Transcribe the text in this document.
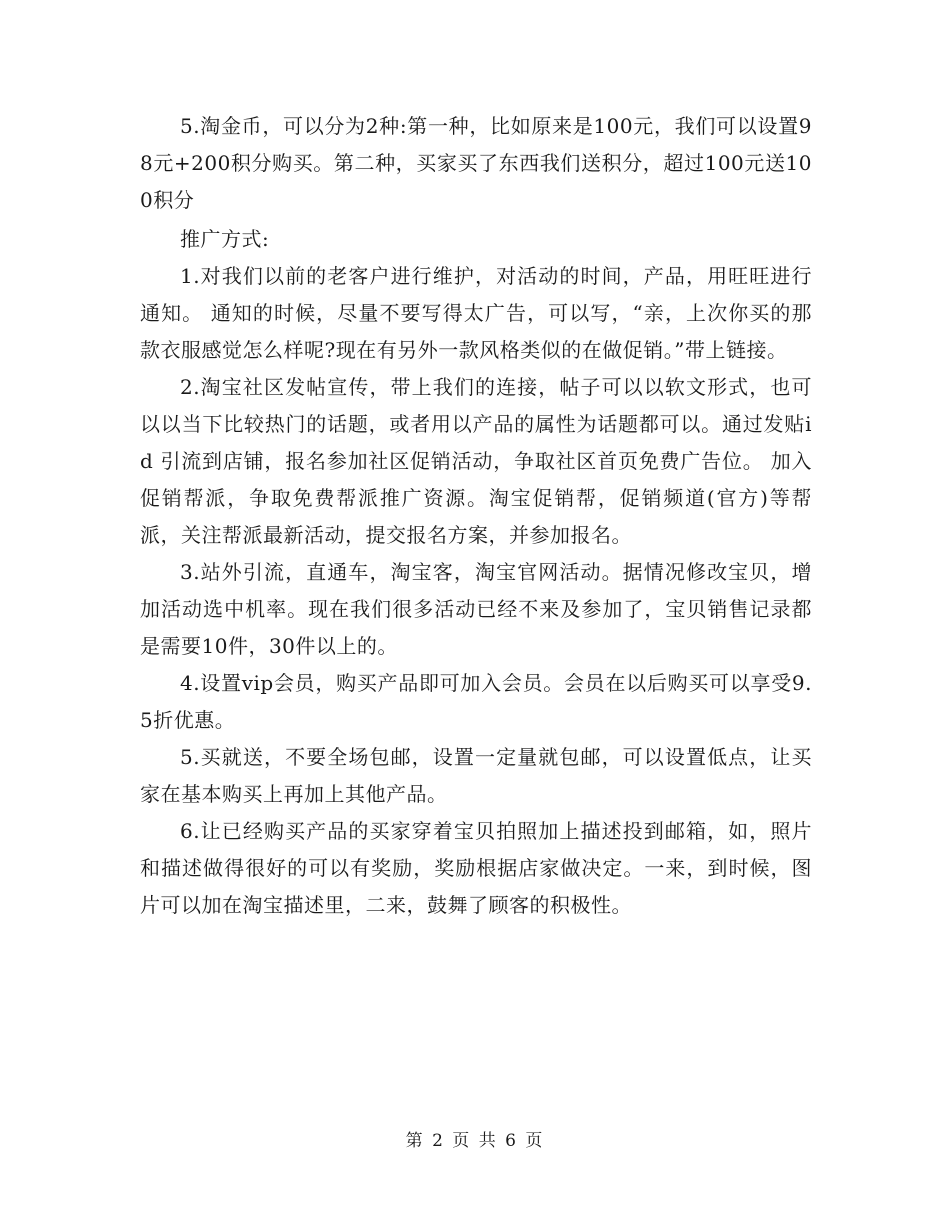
5.淘金币，可以分为2种:第一种，比如原来是100元，我们可以设置98元+200积分购买。第二种，买家买了东西我们送积分，超过100元送100积分

推广方式:

1.对我们以前的老客户进行维护，对活动的时间，产品，用旺旺进行通知。 通知的时候，尽量不要写得太广告，可以写，“亲，上次你买的那款衣服感觉怎么样呢?现在有另外一款风格类似的在做促销。”带上链接。

2.淘宝社区发帖宣传，带上我们的连接，帖子可以以软文形式，也可以以当下比较热门的话题，或者用以产品的属性为话题都可以。通过发贴id 引流到店铺，报名参加社区促销活动，争取社区首页免费广告位。 加入促销帮派，争取免费帮派推广资源。淘宝促销帮，促销频道(官方)等帮派，关注帮派最新活动，提交报名方案，并参加报名。

3.站外引流，直通车，淘宝客，淘宝官网活动。据情况修改宝贝，增加活动选中机率。现在我们很多活动已经不来及参加了，宝贝销售记录都是需要10件，30件以上的。

4.设置vip会员，购买产品即可加入会员。会员在以后购买可以享受9.5折优惠。

5.买就送，不要全场包邮，设置一定量就包邮，可以设置低点，让买家在基本购买上再加上其他产品。

6.让已经购买产品的买家穿着宝贝拍照加上描述投到邮箱，如，照片和描述做得很好的可以有奖励，奖励根据店家做决定。一来，到时候，图片可以加在淘宝描述里，二来，鼓舞了顾客的积极性。

第 2 页 共 6 页
